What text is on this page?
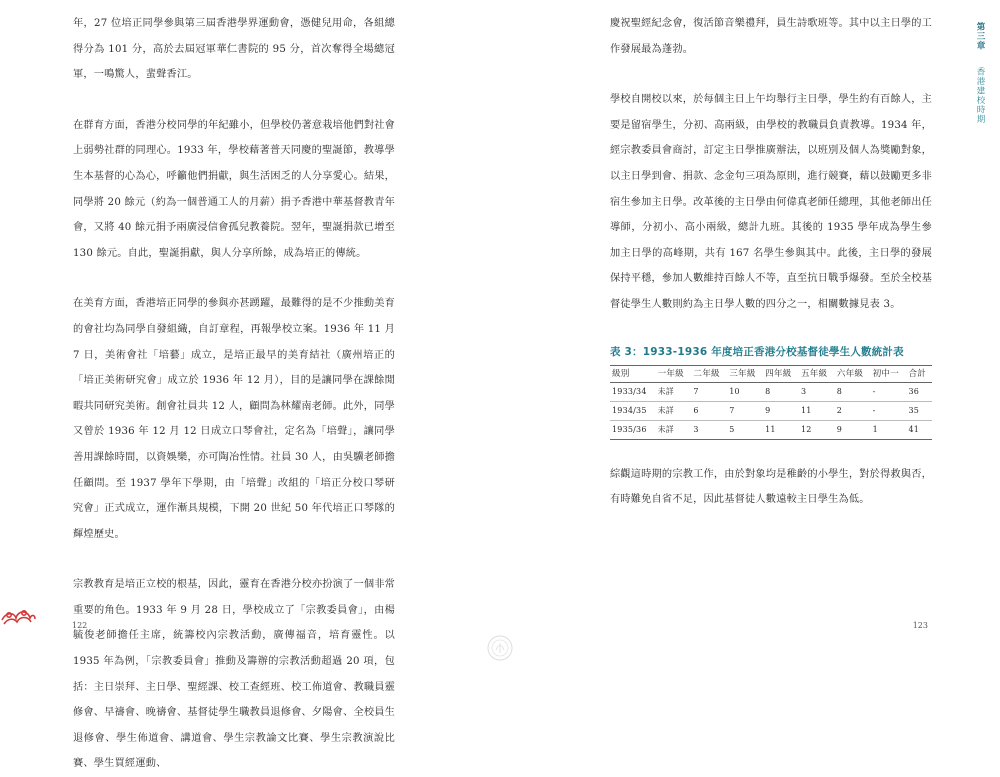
年，27 位培正同學參與第三屆香港學界運動會，憑健兒用命，各組總得分為 101 分，高於去屆冠軍華仁書院的 95 分，首次奪得全場總冠軍，一鳴驚人，蜚聲香江。

在群育方面，香港分校同學的年紀雖小，但學校仍著意栽培他們對社會上弱勢社群的同理心。1933 年，學校藉著普天同慶的聖誕節，教導學生本基督的心為心，呼籲他們捐獻，與生活困乏的人分享愛心。結果，同學將 20 餘元（約為一個普通工人的月薪）捐予香港中華基督教青年會，又將 40 餘元捐予兩廣浸信會孤兒教養院。翌年，聖誕捐款已增至 130 餘元。自此，聖誕捐獻，與人分享所餘，成為培正的傳統。

在美育方面，香港培正同學的參與亦甚踴躍，最難得的是不少推動美育的會社均為同學自發組織，自訂章程，再報學校立案。1936 年 11 月 7 日，美術會社「培藝」成立，是培正最早的美育結社（廣州培正的「培正美術研究會」成立於 1936 年 12 月），目的是讓同學在課餘閒暇共同研究美術。創會社員共 12 人，顧問為林耀南老師。此外，同學又曾於 1936 年 12 月 12 日成立口琴會社，定名為「培聲」，讓同學善用課餘時間，以資娛樂，亦可陶冶性情。社員 30 人，由吳驥老師擔任顧問。至 1937 學年下學期，由「培聲」改組的「培正分校口琴研究會」正式成立，運作漸具規模，下開 20 世紀 50 年代培正口琴隊的輝煌歷史。

宗教教育是培正立校的根基，因此，靈育在香港分校亦扮演了一個非常重要的角色。1933 年 9 月 28 日，學校成立了「宗教委員會」，由楊毓俊老師擔任主席，統籌校內宗教活動，廣傳福音，培育靈性。以 1935 年為例，「宗教委員會」推動及籌辦的宗教活動超過 20 項，包括：主日崇拜、主日學、聖經課、校工查經班、校工佈道會、教職員靈修會、早禱會、晚禱會、基督徒學生職教員退修會、夕陽會、全校員生退修會、學生佈道會、講道會、學生宗教論文比賽、學生宗教演說比賽、學生買經運動、

122

慶祝聖經紀念會，復活節音樂禮拜，員生詩歌班等。其中以主日學的工作發展最為蓬勃。

學校自開校以來，於每個主日上午均舉行主日學，學生約有百餘人，主要是留宿學生，分初、高兩級，由學校的教職員負責教導。1934 年，經宗教委員會商討，訂定主日學推廣辦法，以班別及個人為獎勵對象，以主日學到會、捐款、念金句三項為原則，進行競賽，藉以鼓勵更多非宿生參加主日學。改革後的主日學由何偉真老師任總理，其他老師出任導師，分初小、高小兩級，總計九班。其後的 1935 學年成為學生參加主日學的高峰期，共有 167 名學生參與其中。此後，主日學的發展保持平穩，參加人數維持百餘人不等，直至抗日戰爭爆發。至於全校基督徒學生人數則約為主日學人數的四分之一，相關數據見表 3。

表 3：1933-1936 年度培正香港分校基督徒學生人數統計表
級別	一年級	二年級	三年級	四年級	五年級	六年級	初中一	合計
1933/34	未詳	7	10	8	3	8	-	36
1934/35	未詳	6	7	9	11	2	-	35
1935/36	未詳	3	5	11	12	9	1	41

綜觀這時期的宗教工作，由於對象均是稚齡的小學生，對於得救與否，有時難免自省不足，因此基督徒人數遠較主日學生為低。

第三章 香港建校時期
123
